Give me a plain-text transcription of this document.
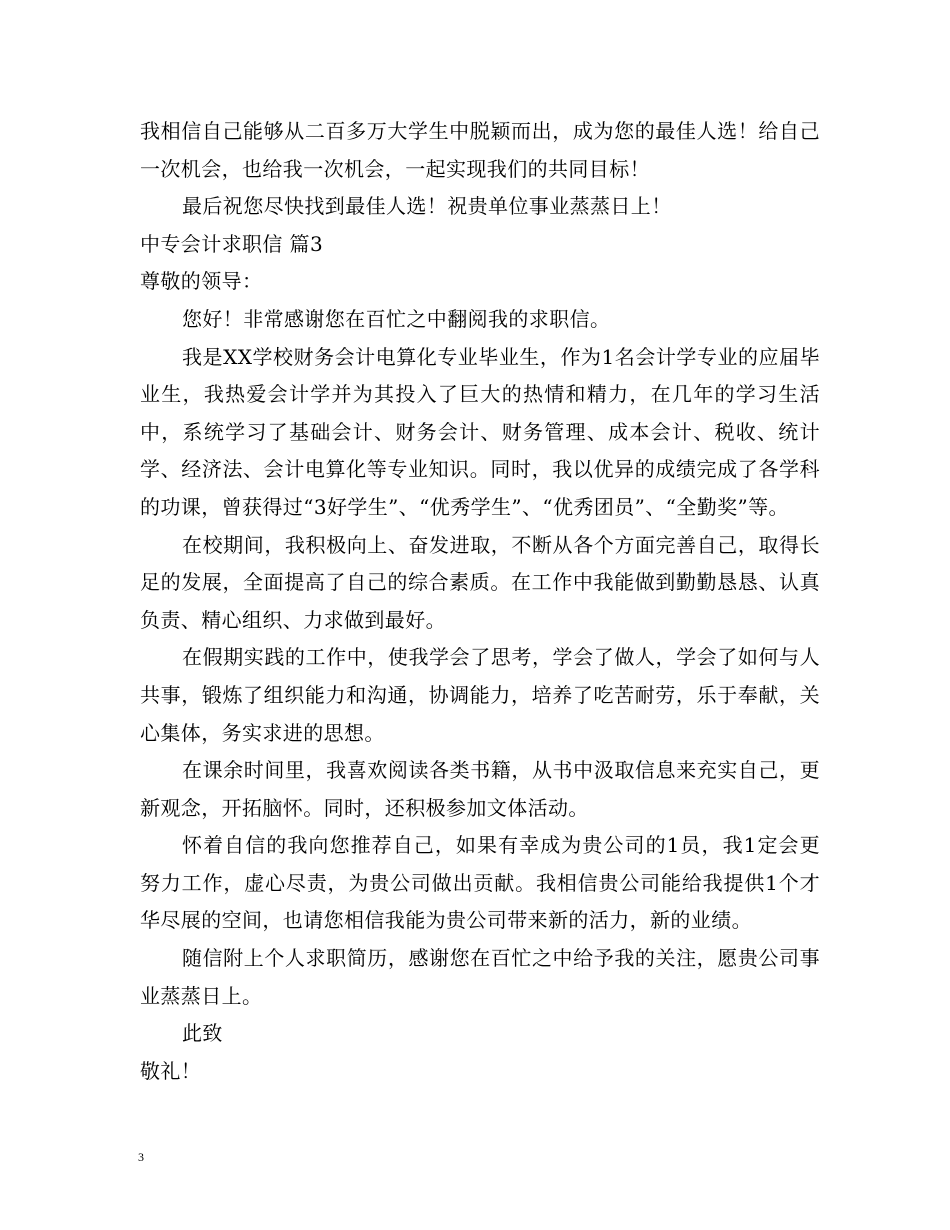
我相信自己能够从二百多万大学生中脱颖而出，成为您的最佳人选！给自己一次机会，也给我一次机会，一起实现我们的共同目标！

最后祝您尽快找到最佳人选！祝贵单位事业蒸蒸日上！

中专会计求职信 篇3

尊敬的领导：

您好！非常感谢您在百忙之中翻阅我的求职信。

我是XX学校财务会计电算化专业毕业生，作为1名会计学专业的应届毕业生，我热爱会计学并为其投入了巨大的热情和精力，在几年的学习生活中，系统学习了基础会计、财务会计、财务管理、成本会计、税收、统计学、经济法、会计电算化等专业知识。同时，我以优异的成绩完成了各学科的功课，曾获得过“3好学生”、“优秀学生”、“优秀团员”、“全勤奖”等。

在校期间，我积极向上、奋发进取，不断从各个方面完善自己，取得长足的发展，全面提高了自己的综合素质。在工作中我能做到勤勤恳恳、认真负责、精心组织、力求做到最好。

在假期实践的工作中，使我学会了思考，学会了做人，学会了如何与人共事，锻炼了组织能力和沟通，协调能力，培养了吃苦耐劳，乐于奉献，关心集体，务实求进的思想。

在课余时间里，我喜欢阅读各类书籍，从书中汲取信息来充实自己，更新观念，开拓脑怀。同时，还积极参加文体活动。

怀着自信的我向您推荐自己，如果有幸成为贵公司的1员，我1定会更努力工作，虚心尽责，为贵公司做出贡献。我相信贵公司能给我提供1个才华尽展的空间，也请您相信我能为贵公司带来新的活力，新的业绩。

随信附上个人求职简历，感谢您在百忙之中给予我的关注，愿贵公司事业蒸蒸日上。

此致

敬礼！

3
